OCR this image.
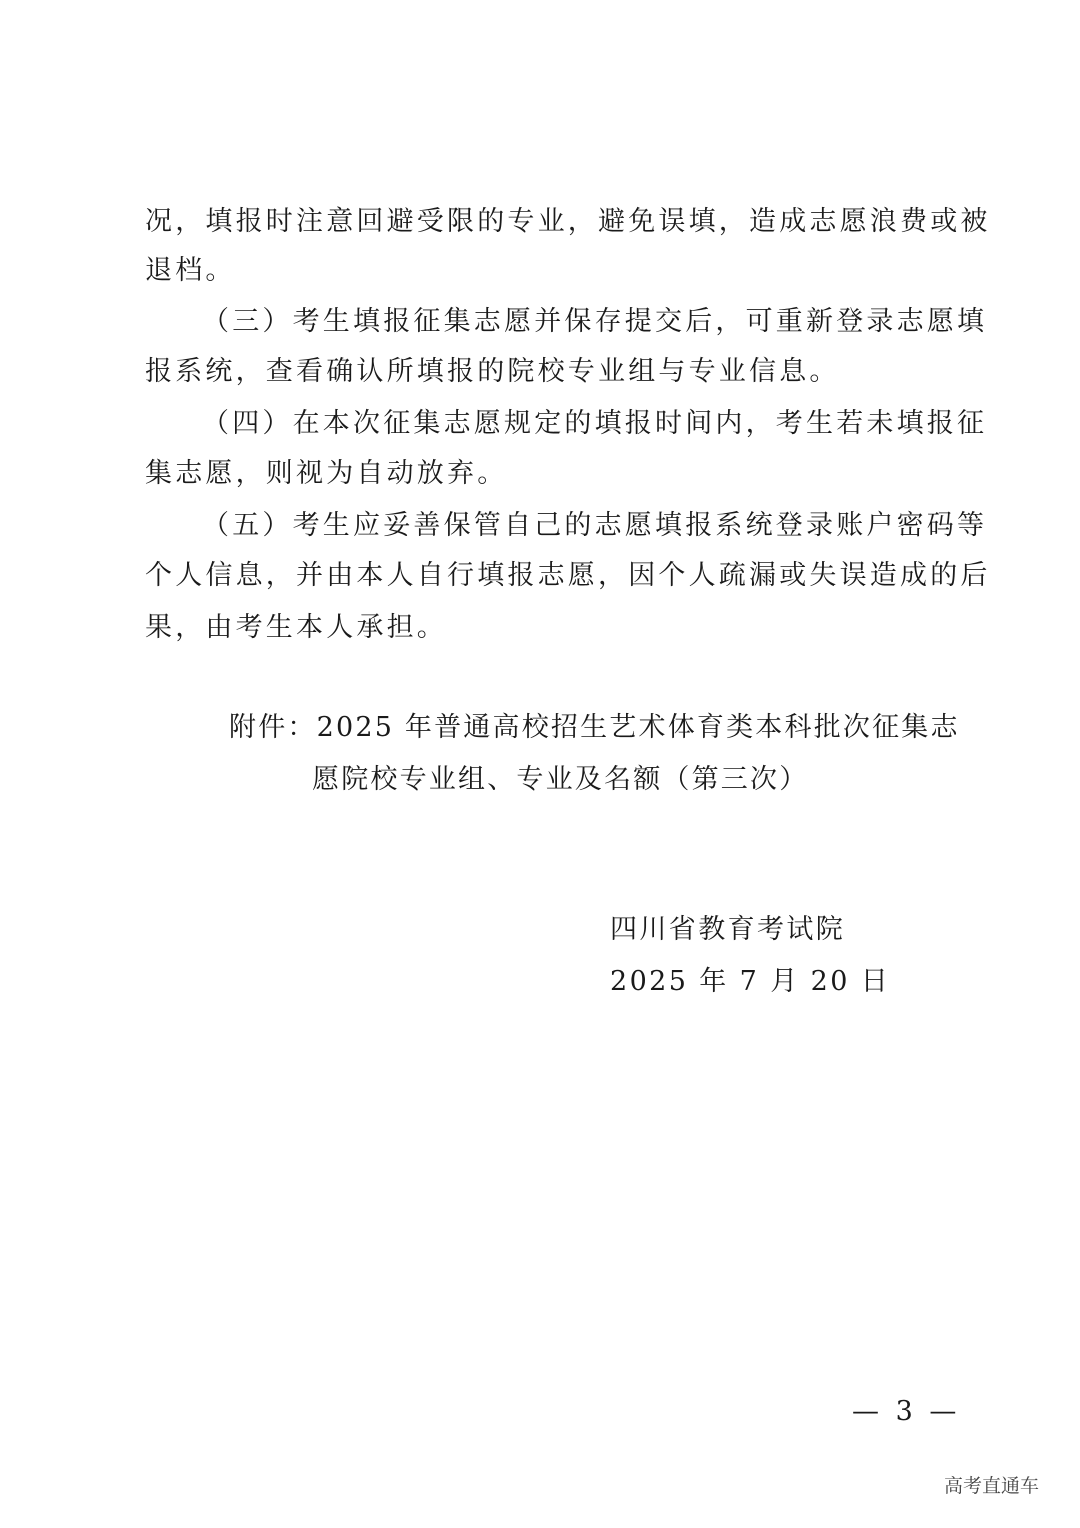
况，填报时注意回避受限的专业，避免误填，造成志愿浪费或被
退档。
（三）考生填报征集志愿并保存提交后，可重新登录志愿填
报系统，查看确认所填报的院校专业组与专业信息。
（四）在本次征集志愿规定的填报时间内，考生若未填报征
集志愿，则视为自动放弃。
（五）考生应妥善保管自己的志愿填报系统登录账户密码等
个人信息，并由本人自行填报志愿，因个人疏漏或失误造成的后
果，由考生本人承担。
附件：2025 年普通高校招生艺术体育类本科批次征集志
愿院校专业组、专业及名额（第三次）
四川省教育考试院
2025 年 7 月 20 日
— 3 —
高考直通车
